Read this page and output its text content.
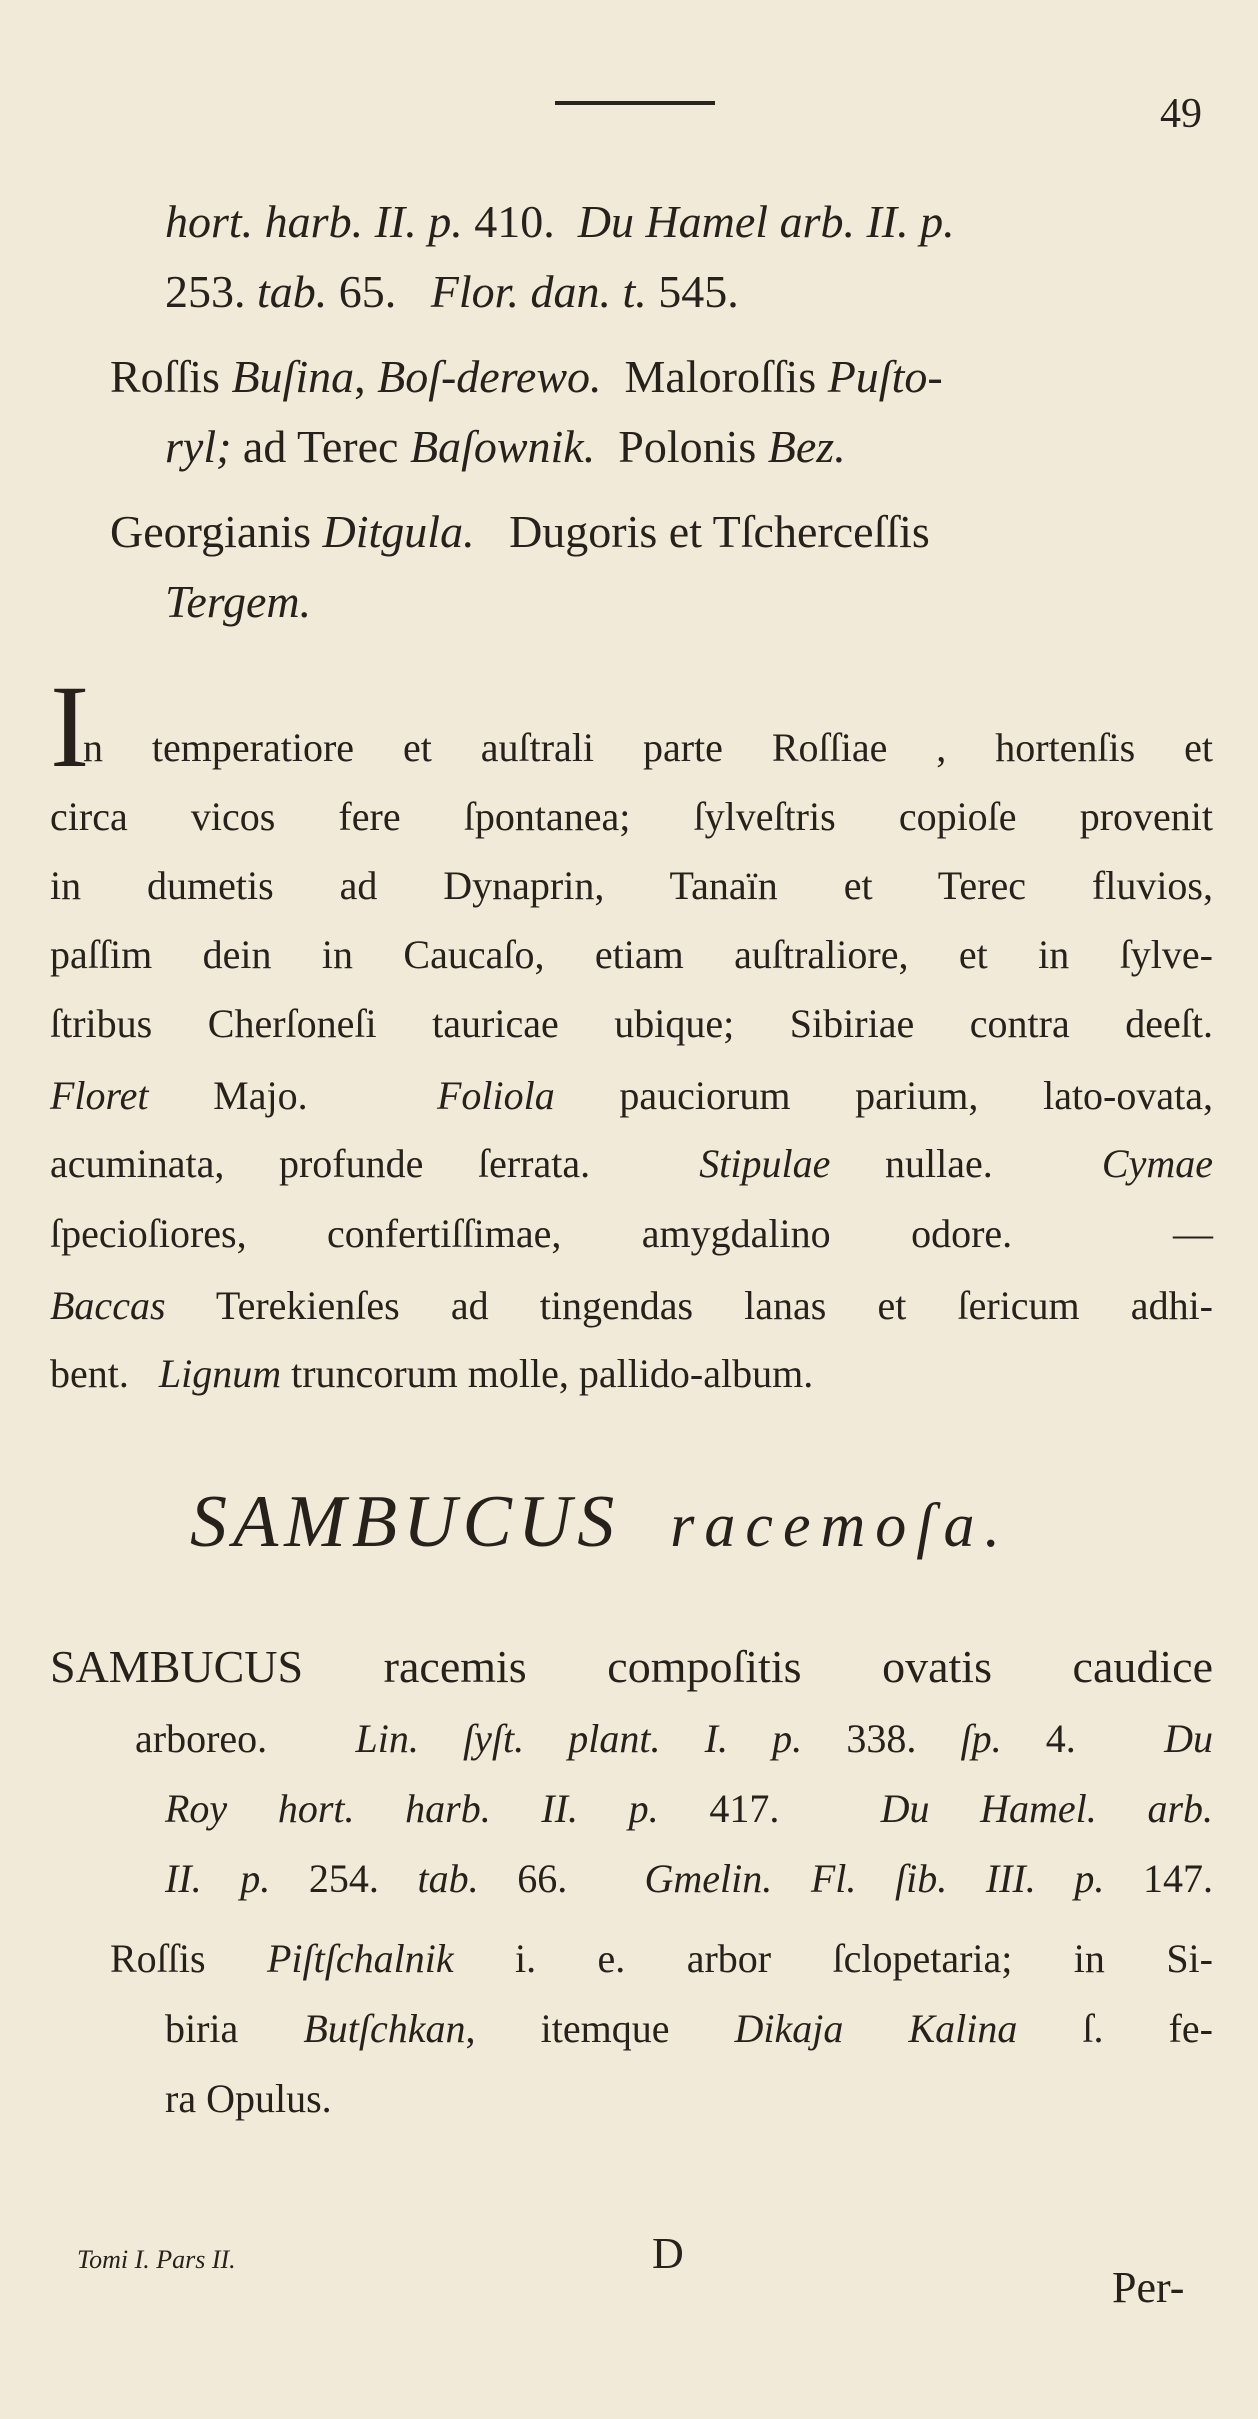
49
hort. harb. II. p. 410.  Du Hamel arb. II. p.
253. tab. 65.   Flor. dan. t. 545.
Roſſis Buſina, Boſ-derewo.  Maloroſſis Puſto-
ryl; ad Terec Baſownik.  Polonis Bez.
Georgianis Ditgula.   Dugoris et Tſcherceſſis
Tergem.
I
n temperatiore et auſtrali parte Roſſiae , hortenſis et
circa vicos fere ſpontanea; ſylveſtris copioſe provenit
in dumetis ad Dynaprin, Tanaïn et Terec fluvios,
paſſim dein in Caucaſo, etiam auſtraliore, et in ſylve-
ſtribus Cherſoneſi tauricae ubique; Sibiriae contra deeſt.
Floret Majo.  Foliola pauciorum parium, lato-ovata,
acuminata, profunde ſerrata.  Stipulae nullae.  Cymae
ſpecioſiores, confertiſſimae, amygdalino odore.  —
Baccas Terekienſes ad tingendas lanas et ſericum adhi-
bent.   Lignum truncorum molle, pallido-album.
SAMBUCUS racemoſa.
SAMBUCUS racemis compoſitis ovatis caudice
arboreo.  Lin. ſyſt. plant. I. p. 338. ſp. 4.  Du
Roy hort. harb. II. p. 417.  Du Hamel. arb.
II. p. 254. tab. 66.  Gmelin. Fl. ſib. III. p. 147.
Roſſis Piſtſchalnik i. e. arbor ſclopetaria; in Si-
biria Butſchkan, itemque Dikaja Kalina ſ. fe-
ra Opulus.
Tomi I. Pars II.	D
Per-
